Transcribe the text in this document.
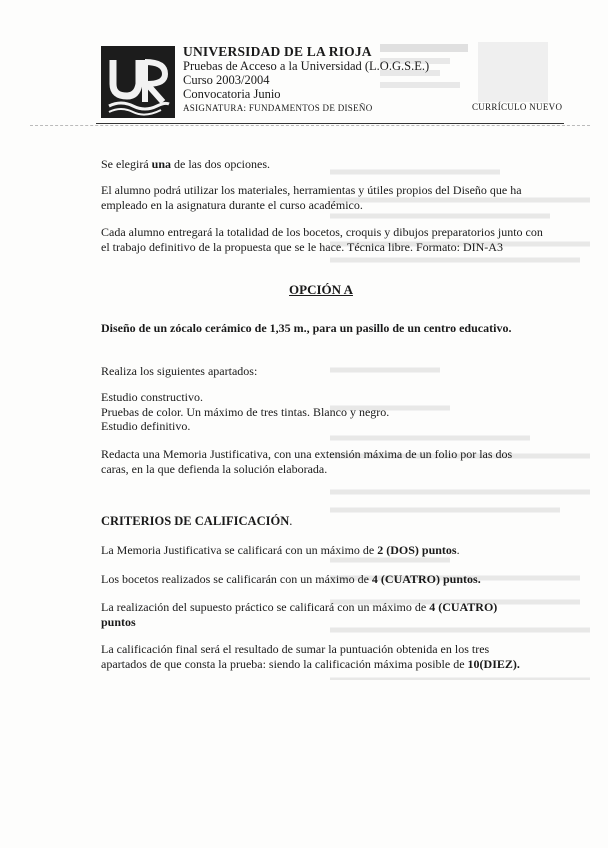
UNIVERSIDAD DE LA RIOJA
Pruebas de Acceso a la Universidad (L.O.G.S.E.)
Curso 2003/2004
Convocatoria Junio
ASIGNATURA: FUNDAMENTOS DE DISEÑO	CURRÍCULO NUEVO
Se elegirá una de las dos opciones.
El alumno podrá utilizar los materiales, herramientas y útiles propios del Diseño que ha empleado en la asignatura durante el curso académico.
Cada alumno entregará la totalidad de los bocetos, croquis y dibujos preparatorios junto con el trabajo definitivo de la propuesta que se le hace. Técnica libre. Formato: DIN-A3
OPCIÓN A
Diseño de un zócalo cerámico de 1,35 m., para un pasillo de un centro educativo.
Realiza los siguientes apartados:
Estudio constructivo.
Pruebas de color. Un máximo de tres tintas. Blanco y negro.
Estudio definitivo.
Redacta una Memoria Justificativa, con una extensión máxima de un folio por las dos caras, en la que defienda la solución elaborada.
CRITERIOS DE CALIFICACIÓN.
La Memoria Justificativa se calificará con un máximo de 2 (DOS) puntos.
Los bocetos realizados se calificarán con un máximo de 4 (CUATRO) puntos.
La realización del supuesto práctico se calificará con un máximo de 4 (CUATRO) puntos
La calificación final será el resultado de sumar la puntuación obtenida en los tres apartados de que consta la prueba: siendo la calificación máxima posible de 10(DIEZ).
